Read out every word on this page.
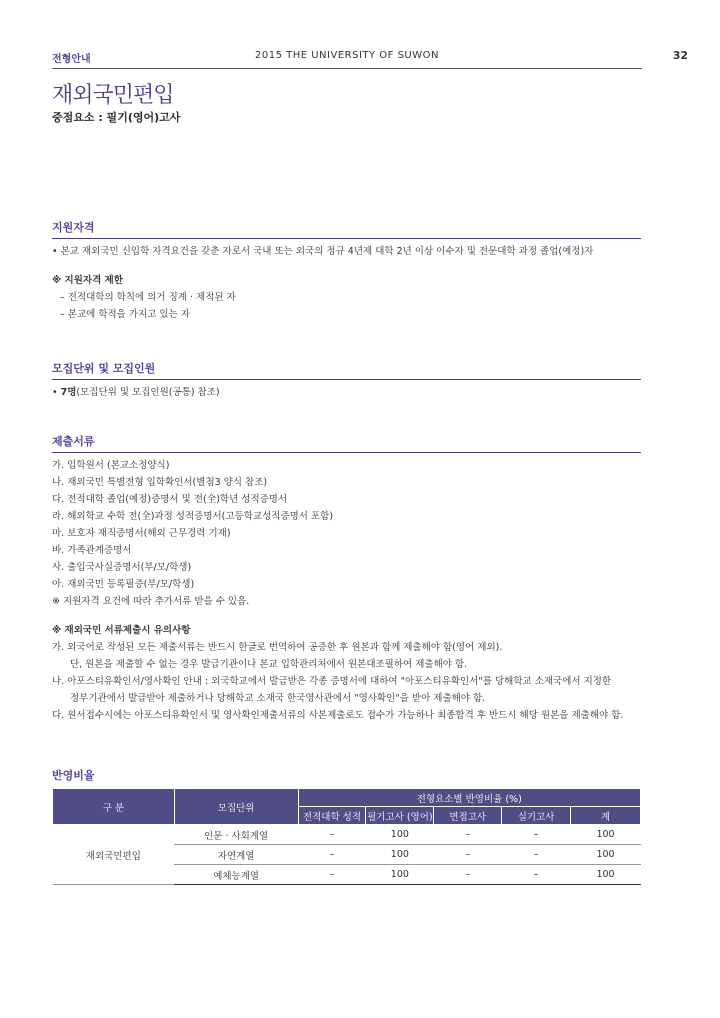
전형안내	2015 THE UNIVERSITY OF SUWON	32
재외국민편입
중점요소 : 필기(영어)고사
지원자격
• 본교 재외국민 신입학 자격요건을 갖춘 자로서 국내 또는 외국의 정규 4년제 대학 2년 이상 이수자 및 전문대학 과정 졸업(예정)자
※ 지원자격 제한
– 전적대학의 학칙에 의거 징계 · 제적된 자
– 본교에 학적을 가지고 있는 자
모집단위 및 모집인원
• 7명(모집단위 및 모집인원(공통) 참조)
제출서류
가. 입학원서 (본교소정양식)
나. 재외국민 특별전형 입학확인서(별첨3 양식 참조)
다. 전적대학 졸업(예정)증명서 및 전(全)학년 성적증명서
라. 해외학교 수학 전(全)과정 성적증명서(고등학교성적증명서 포함)
마. 보호자 재직증명서(해외 근무경력 기재)
바. 가족관계증명서
사. 출입국사실증명서(부/모/학생)
아. 재외국민 등록필증(부/모/학생)
※ 지원자격 요건에 따라 추가서류 받을 수 있음.
※ 재외국민 서류제출시 유의사항
가. 외국어로 작성된 모든 제출서류는 반드시 한글로 번역하여 공증한 후 원본과 함께 제출해야 함(영어 제외).
단, 원본을 제출할 수 없는 경우 발급기관이나 본교 입학관리처에서 원본대조필하여 제출해야 함.
나. 아포스티유확인서/영사확인 안내 : 외국학교에서 발급받은 각종 증명서에 대하여 "아포스티유확인서"를 당해학교 소재국에서 지정한
정부기관에서 발급받아 제출하거나 당해학교 소재국 한국영사관에서 "영사확인"을 받아 제출해야 함.
다. 원서접수시에는 아포스티유확인서 및 영사확인제출서류의 사본제출로도 접수가 가능하나 최종합격 후 반드시 해당 원본을 제출해야 함.
반영비율
구 분	모집단위	전형요소별 반영비율 (%)				
		전적대학 성적	필기고사 (영어)	면접고사	실기고사	계
재외국민편입	인문 · 사회계열	–	100	–	–	100
	자연계열	–	100	–	–	100
	예체능계열	–	100	–	–	100
